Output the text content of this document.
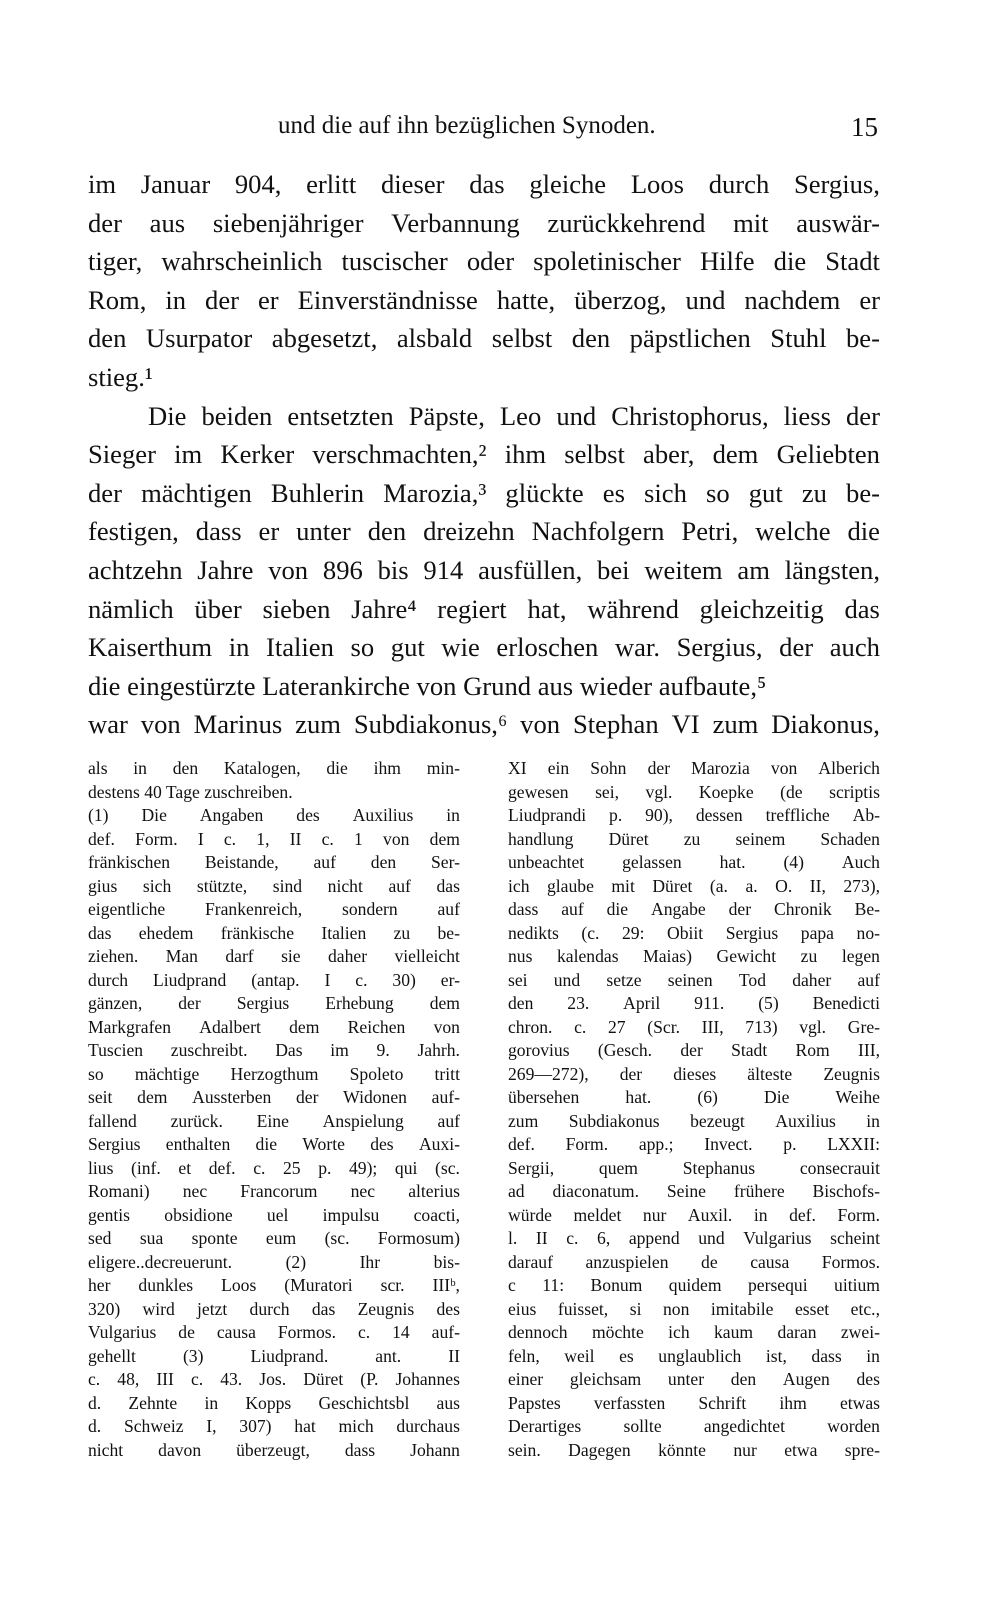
und die auf ihn bezüglichen Synoden.	15
im Januar 904, erlitt dieser das gleiche Loos durch Sergius,
der aus siebenjähriger Verbannung zurückkehrend mit auswär-
tiger, wahrscheinlich tuscischer oder spoletinischer Hilfe die Stadt
Rom, in der er Einverständnisse hatte, überzog, und nachdem er
den Usurpator abgesetzt, alsbald selbst den päpstlichen Stuhl be-
stieg.¹
Die beiden entsetzten Päpste, Leo und Christophorus, liess der
Sieger im Kerker verschmachten,² ihm selbst aber, dem Geliebten
der mächtigen Buhlerin Marozia,³ glückte es sich so gut zu be-
festigen, dass er unter den dreizehn Nachfolgern Petri, welche die
achtzehn Jahre von 896 bis 914 ausfüllen, bei weitem am längsten,
nämlich über sieben Jahre⁴ regiert hat, während gleichzeitig das
Kaiserthum in Italien so gut wie erloschen war. Sergius, der auch
die eingestürzte Laterankirche von Grund aus wieder aufbaute,⁵
war von Marinus zum Subdiakonus,⁶ von Stephan VI zum Diakonus,
als in den Katalogen, die ihm min-
destens 40 Tage zuschreiben.
(1) Die Angaben des Auxilius in
def. Form. I c. 1, II c. 1 von dem
fränkischen Beistande, auf den Ser-
gius sich stützte, sind nicht auf das
eigentliche Frankenreich, sondern auf
das ehedem fränkische Italien zu be-
ziehen. Man darf sie daher vielleicht
durch Liudprand (antap. I c. 30) er-
gänzen, der Sergius Erhebung dem
Markgrafen Adalbert dem Reichen von
Tuscien zuschreibt. Das im 9. Jahrh.
so mächtige Herzogthum Spoleto tritt
seit dem Aussterben der Widonen auf-
fallend zurück. Eine Anspielung auf
Sergius enthalten die Worte des Auxi-
lius (inf. et def. c. 25 p. 49); qui (sc.
Romani) nec Francorum nec alterius
gentis obsidione uel impulsu coacti,
sed sua sponte eum (sc. Formosum)
eligere..decreuerunt.	(2)	Ihr	bis-
her dunkles Loos (Muratori scr. IIIᵇ,
320) wird jetzt durch das Zeugnis des
Vulgarius de causa Formos. c. 14 auf-
gehellt	(3)	Liudprand.	ant.	II
c. 48, III c. 43. Jos. Düret (P. Johannes
d. Zehnte in Kopps Geschichtsbl aus
d. Schweiz I, 307) hat mich durchaus
nicht davon überzeugt, dass Johann
XI ein Sohn der Marozia von Alberich
gewesen sei, vgl. Koepke (de scriptis
Liudprandi p. 90), dessen treffliche Ab-
handlung Düret zu seinem Schaden
unbeachtet gelassen hat. (4) Auch
ich glaube mit Düret (a. a. O. II, 273),
dass auf die Angabe der Chronik Be-
nedikts (c. 29: Obiit Sergius papa no-
nus kalendas Maias) Gewicht zu legen
sei und setze seinen Tod daher auf
den 23. April 911. (5) Benedicti
chron. c. 27 (Scr. III, 713) vgl. Gre-
gorovius (Gesch. der Stadt Rom III,
269—272), der dieses älteste Zeugnis
übersehen	hat.	(6)	Die	Weihe
zum Subdiakonus bezeugt Auxilius in
def. Form. app.; Invect. p. LXXII:
Sergii,	quem	Stephanus	consecrauit
ad diaconatum. Seine frühere Bischofs-
würde meldet nur Auxil. in def. Form.
l. II c. 6, append und Vulgarius scheint
darauf anzuspielen de causa Formos.
c 11: Bonum quidem persequi uitium
eius fuisset, si non imitabile esset etc.,
dennoch möchte ich kaum daran zwei-
feln, weil es unglaublich ist, dass in
einer gleichsam unter den Augen des
Papstes verfassten Schrift ihm etwas
Derartiges sollte angedichtet worden
sein. Dagegen könnte nur etwa spre-
